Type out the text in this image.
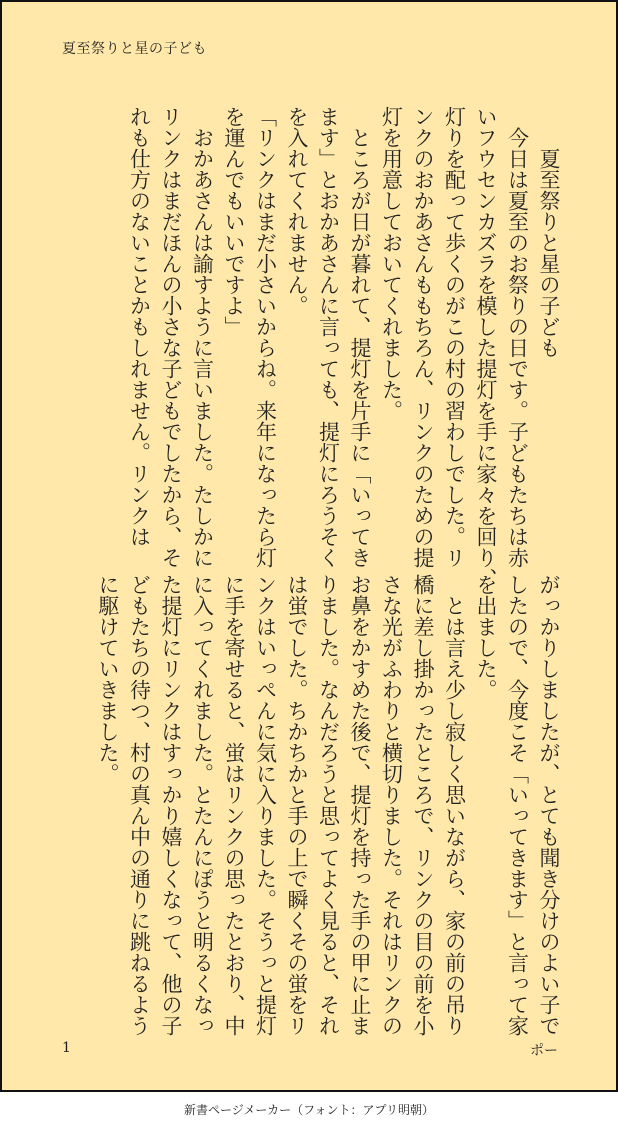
夏至祭りと星の子ども
夏至祭りと星の子ども
今日は夏至のお祭りの日です。子どもたちは赤
いフウセンカズラを模した提灯を手に家々を回り、
灯りを配って歩くのがこの村の習わしでした。リ
ンクのおかあさんももちろん、リンクのための提
灯を用意しておいてくれました。
ところが日が暮れて、提灯を片手に「いってき
ます」とおかあさんに言っても、提灯にろうそく
を入れてくれません。
「リンクはまだ小さいからね。来年になったら灯
を運んでもいいですよ」
おかあさんは諭すように言いました。たしかに
リンクはまだほんの小さな子どもでしたから、そ
れも仕方のないことかもしれません。リンクは
がっかりしましたが、とても聞き分けのよい子で
したので、今度こそ「いってきます」と言って家
を出ました。
とは言え少し寂しく思いながら、家の前の吊り
橋に差し掛かったところで、リンクの目の前を小
さな光がふわりと横切りました。それはリンクの
お鼻をかすめた後で、提灯を持った手の甲に止ま
りました。なんだろうと思ってよく見ると、それ
は蛍でした。ちかちかと手の上で瞬くその蛍をリ
ンクはいっぺんに気に入りました。そうっと提灯
に手を寄せると、蛍はリンクの思ったとおり、中
に入ってくれました。とたんにぽうと明るくなっ
た提灯にリンクはすっかり嬉しくなって、他の子
どもたちの待つ、村の真ん中の通りに跳ねるよう
に駆けていきました。
1	ポー
新書ページメーカー（フォント：アプリ明朝）
